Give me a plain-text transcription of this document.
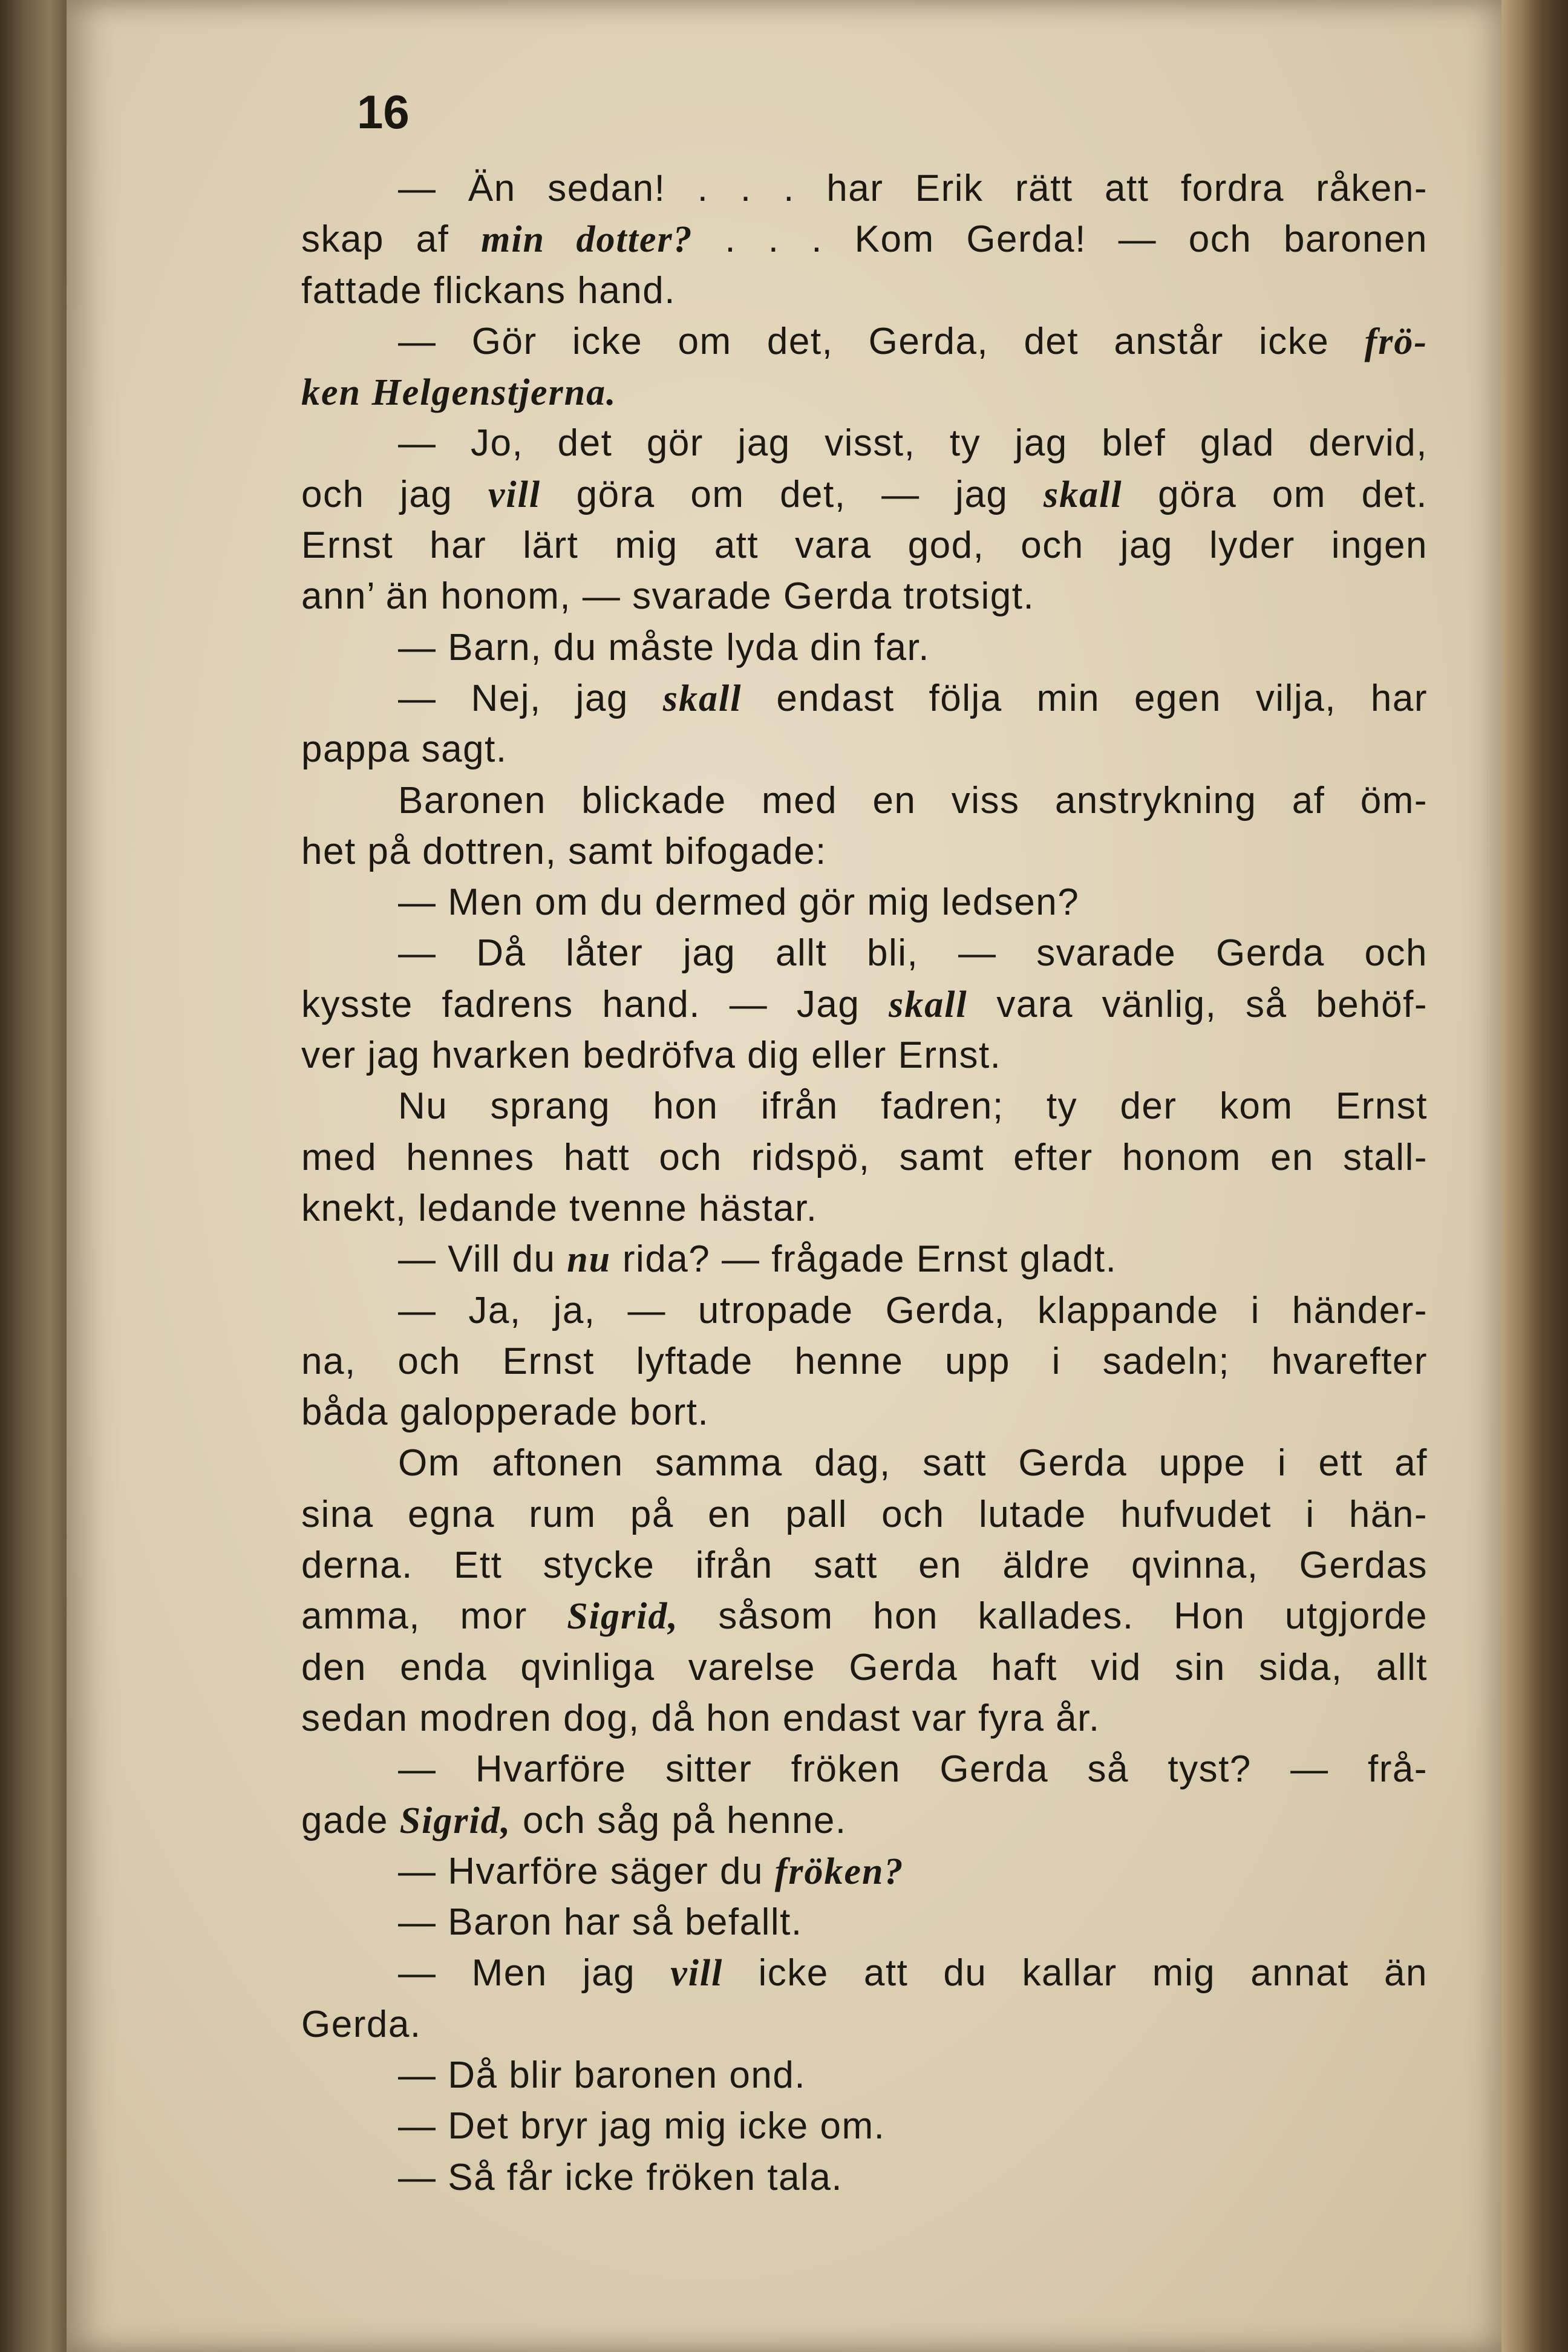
16
— Än sedan! . . . har Erik rätt att fordra råken-
skap af min dotter? . . . Kom Gerda! — och baronen
fattade flickans hand.
— Gör icke om det, Gerda, det anstår icke frö-
ken Helgenstjerna.
— Jo, det gör jag visst, ty jag blef glad dervid,
och jag vill göra om det, — jag skall göra om det.
Ernst har lärt mig att vara god, och jag lyder ingen
ann’ än honom, — svarade Gerda trotsigt.
— Barn, du måste lyda din far.
— Nej, jag skall endast följa min egen vilja, har
pappa sagt.
Baronen blickade med en viss anstrykning af öm-
het på dottren, samt bifogade:
— Men om du dermed gör mig ledsen?
— Då låter jag allt bli, — svarade Gerda och
kysste fadrens hand. — Jag skall vara vänlig, så behöf-
ver jag hvarken bedröfva dig eller Ernst.
Nu sprang hon ifrån fadren; ty der kom Ernst
med hennes hatt och ridspö, samt efter honom en stall-
knekt, ledande tvenne hästar.
— Vill du nu rida? — frågade Ernst gladt.
— Ja, ja, — utropade Gerda, klappande i händer-
na, och Ernst lyftade henne upp i sadeln; hvarefter
båda galopperade bort.
Om aftonen samma dag, satt Gerda uppe i ett af
sina egna rum på en pall och lutade hufvudet i hän-
derna. Ett stycke ifrån satt en äldre qvinna, Gerdas
amma, mor Sigrid, såsom hon kallades. Hon utgjorde
den enda qvinliga varelse Gerda haft vid sin sida, allt
sedan modren dog, då hon endast var fyra år.
— Hvarföre sitter fröken Gerda så tyst? — frå-
gade Sigrid, och såg på henne.
— Hvarföre säger du fröken?
— Baron har så befallt.
— Men jag vill icke att du kallar mig annat än
Gerda.
— Då blir baronen ond.
— Det bryr jag mig icke om.
— Så får icke fröken tala.
